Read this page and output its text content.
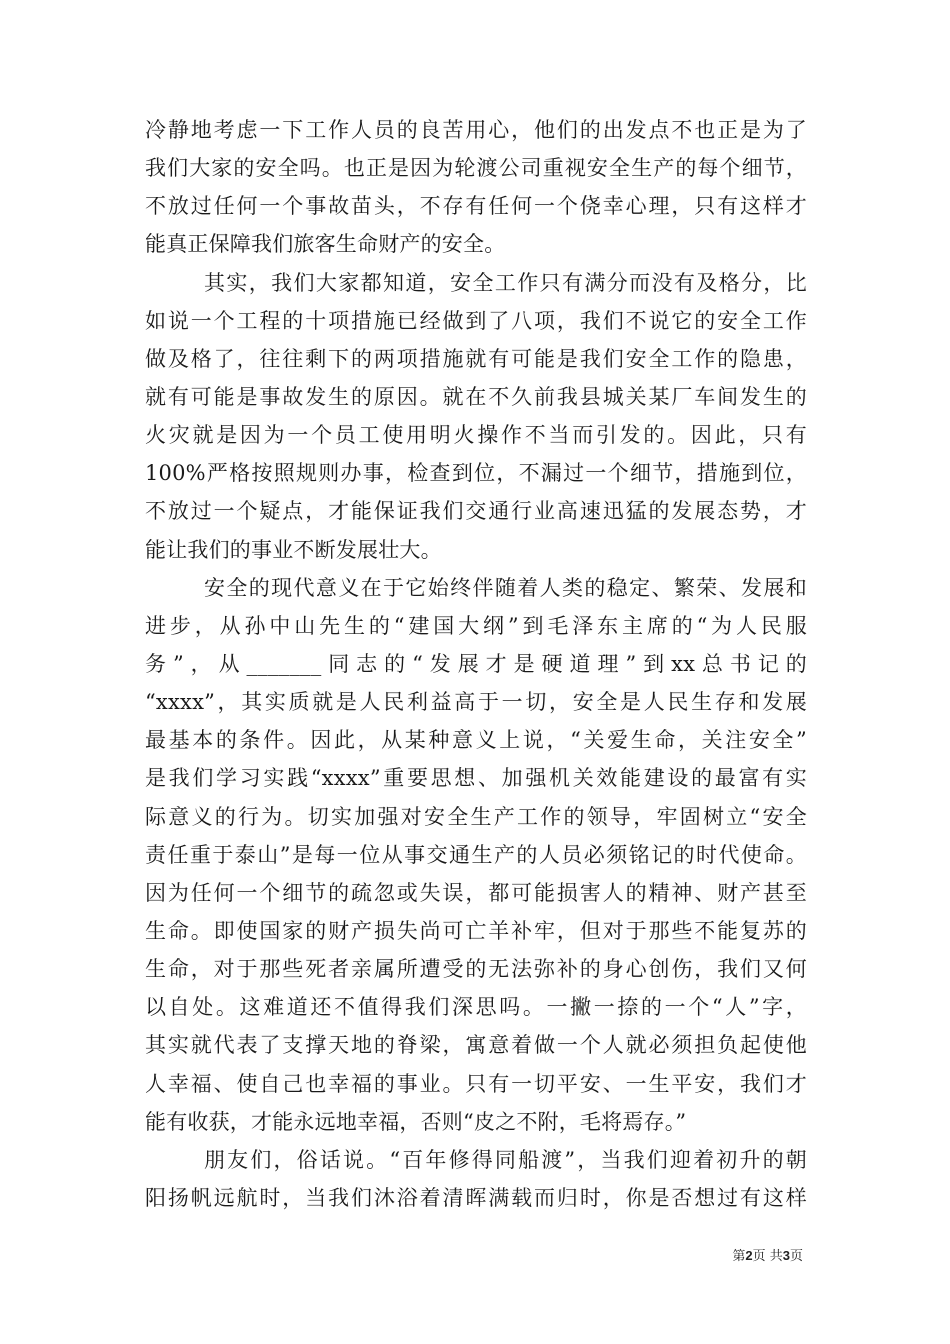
冷静地考虑一下工作人员的良苦用心，他们的出发点不也正是为了
我们大家的安全吗。也正是因为轮渡公司重视安全生产的每个细节，
不放过任何一个事故苗头，不存有任何一个侥幸心理，只有这样才
能真正保障我们旅客生命财产的安全。
其实，我们大家都知道，安全工作只有满分而没有及格分，比
如说一个工程的十项措施已经做到了八项，我们不说它的安全工作
做及格了，往往剩下的两项措施就有可能是我们安全工作的隐患，
就有可能是事故发生的原因。就在不久前我县城关某厂车间发生的
火灾就是因为一个员工使用明火操作不当而引发的。因此，只有
100%严格按照规则办事，检查到位，不漏过一个细节，措施到位，
不放过一个疑点，才能保证我们交通行业高速迅猛的发展态势，才
能让我们的事业不断发展壮大。
安全的现代意义在于它始终伴随着人类的稳定、繁荣、发展和
进步，从孙中山先生的“建国大纲”到毛泽东主席的“为人民服
务”，从_______同志的“发展才是硬道理”到xx总书记的
“xxxx”，其实质就是人民利益高于一切，安全是人民生存和发展
最基本的条件。因此，从某种意义上说，“关爱生命，关注安全”
是我们学习实践“xxxx”重要思想、加强机关效能建设的最富有实
际意义的行为。切实加强对安全生产工作的领导，牢固树立“安全
责任重于泰山”是每一位从事交通生产的人员必须铭记的时代使命。
因为任何一个细节的疏忽或失误，都可能损害人的精神、财产甚至
生命。即使国家的财产损失尚可亡羊补牢，但对于那些不能复苏的
生命，对于那些死者亲属所遭受的无法弥补的身心创伤，我们又何
以自处。这难道还不值得我们深思吗。一撇一捺的一个“人”字，
其实就代表了支撑天地的脊梁，寓意着做一个人就必须担负起使他
人幸福、使自己也幸福的事业。只有一切平安、一生平安，我们才
能有收获，才能永远地幸福，否则“皮之不附，毛将焉存。”
朋友们，俗话说。“百年修得同船渡”，当我们迎着初升的朝
阳扬帆远航时，当我们沐浴着清晖满载而归时，你是否想过有这样
第2页 共3页
